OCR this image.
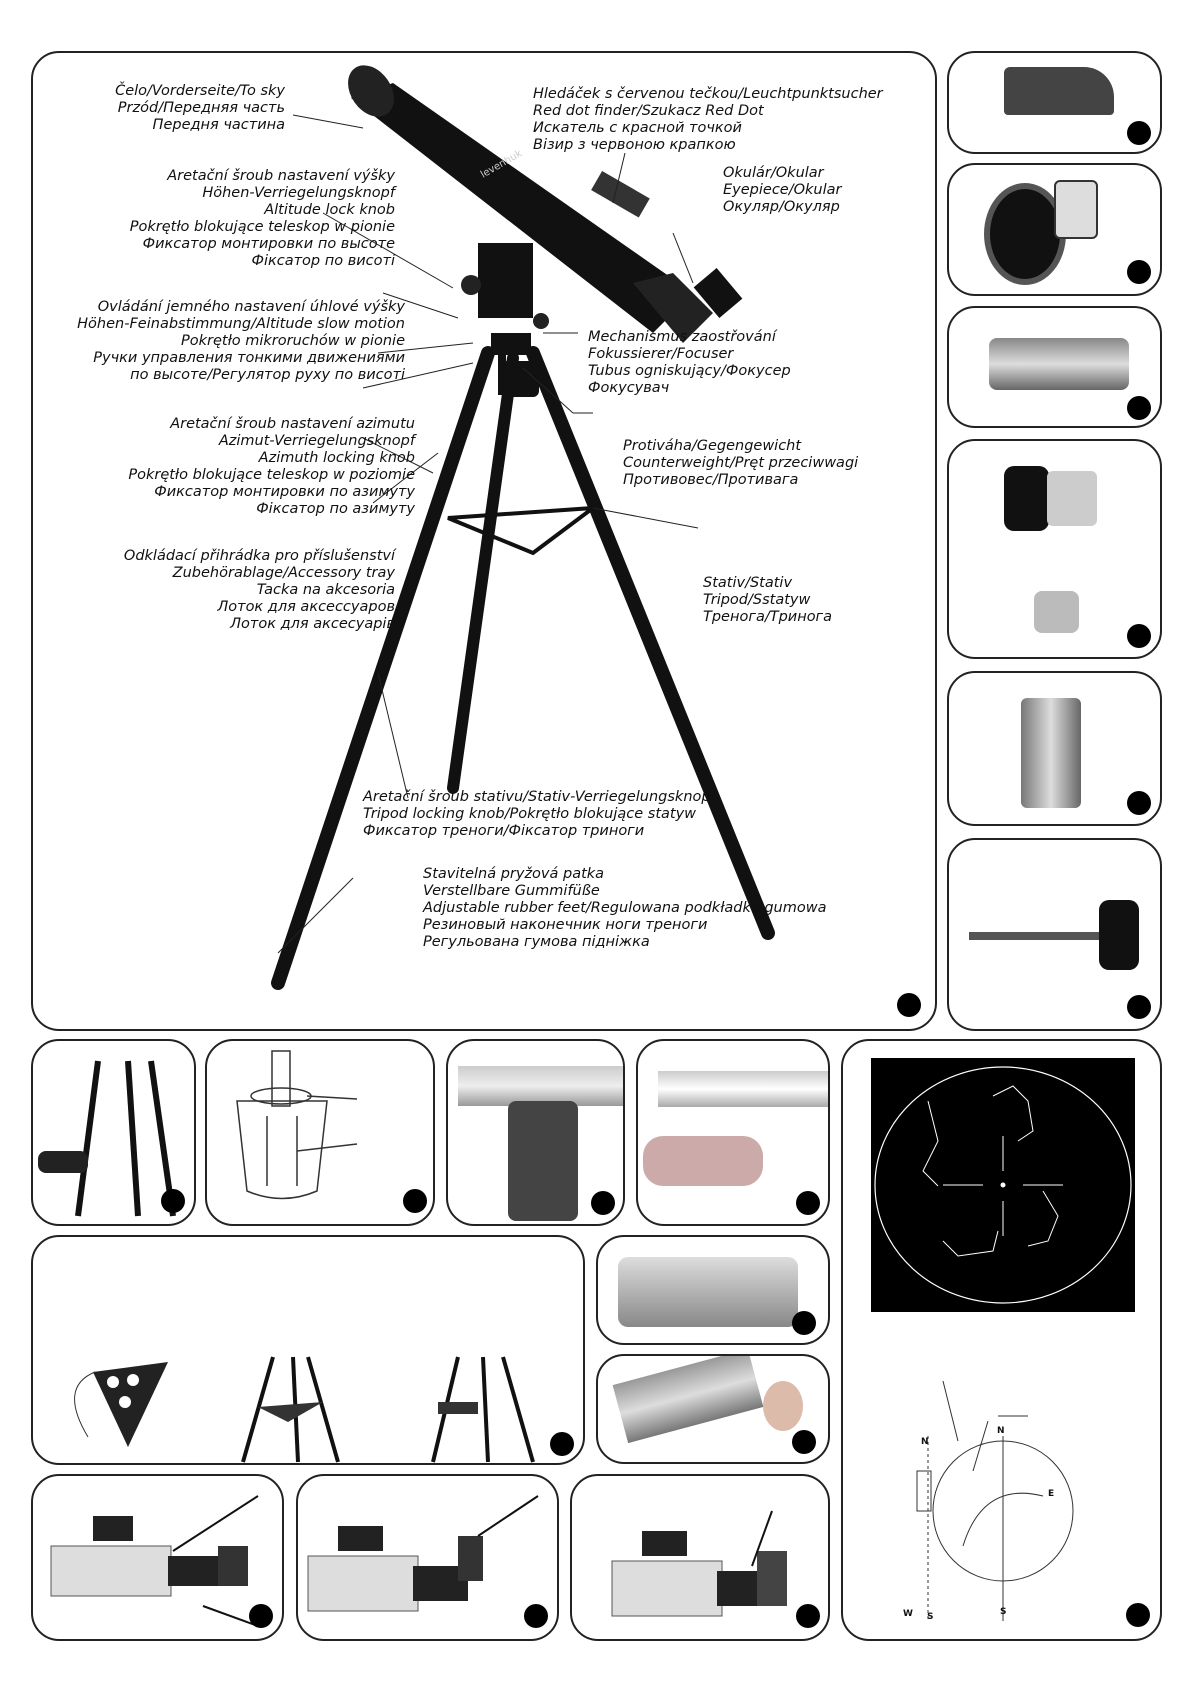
levenhuk
Čelo/Vorderseite/To sky
Przód/Передняя часть
Передня частина
Hledáček s červenou tečkou/Leuchtpunktsucher
Red dot finder/Szukacz Red Dot
Искатель с красной точкой
Візир з червоною крапкою
Okulár/Okular
Eyepiece/Okular
Окуляр/Окуляр
Aretační šroub nastavení výšky
Höhen-Verriegelungsknopf
Altitude lock knob
Pokrętło blokujące teleskop w pionie
Фиксатор монтировки по высоте
Фіксатор по висоті
Ovládání jemného nastavení úhlové výšky
Höhen-Feinabstimmung/Altitude slow motion
Pokrętło mikroruchów w pionie
Ручки управления тонкими движениями
по высоте/Регулятор руху по висоті
Mechanismus zaostřování
Fokussierer/Focuser
Tubus ogniskujący/Фокусер
Фокусувач
Aretační šroub nastavení azimutu
Azimut-Verriegelungsknopf
Azimuth locking knob
Pokrętło blokujące teleskop w poziomie
Фиксатор монтировки по азимуту
Фіксатор по азимуту
Protiváha/Gegengewicht
Counterweight/Pręt przeciwwagi
Противовес/Противага
Odkládací přihrádka pro příslušenství
Zubehörablage/Accessory tray
Tacka na akcesoria
Лоток для аксессуаров
Лоток для аксесуарів
Stativ/Stativ
Tripod/Sstatyw
Тренога/Тринога
Aretační šroub stativu/Stativ-Verriegelungsknopf
Tripod locking knob/Pokrętło blokujące statyw
Фиксатор треноги/Фіксатор триноги
Stavitelná pryžová patka
Verstellbare Gummifüße
Adjustable rubber feet/Regulowana podkładka gumowa
Резиновый наконечник ноги треноги
Регульована гумова підніжка
N
N
E
S
W S
